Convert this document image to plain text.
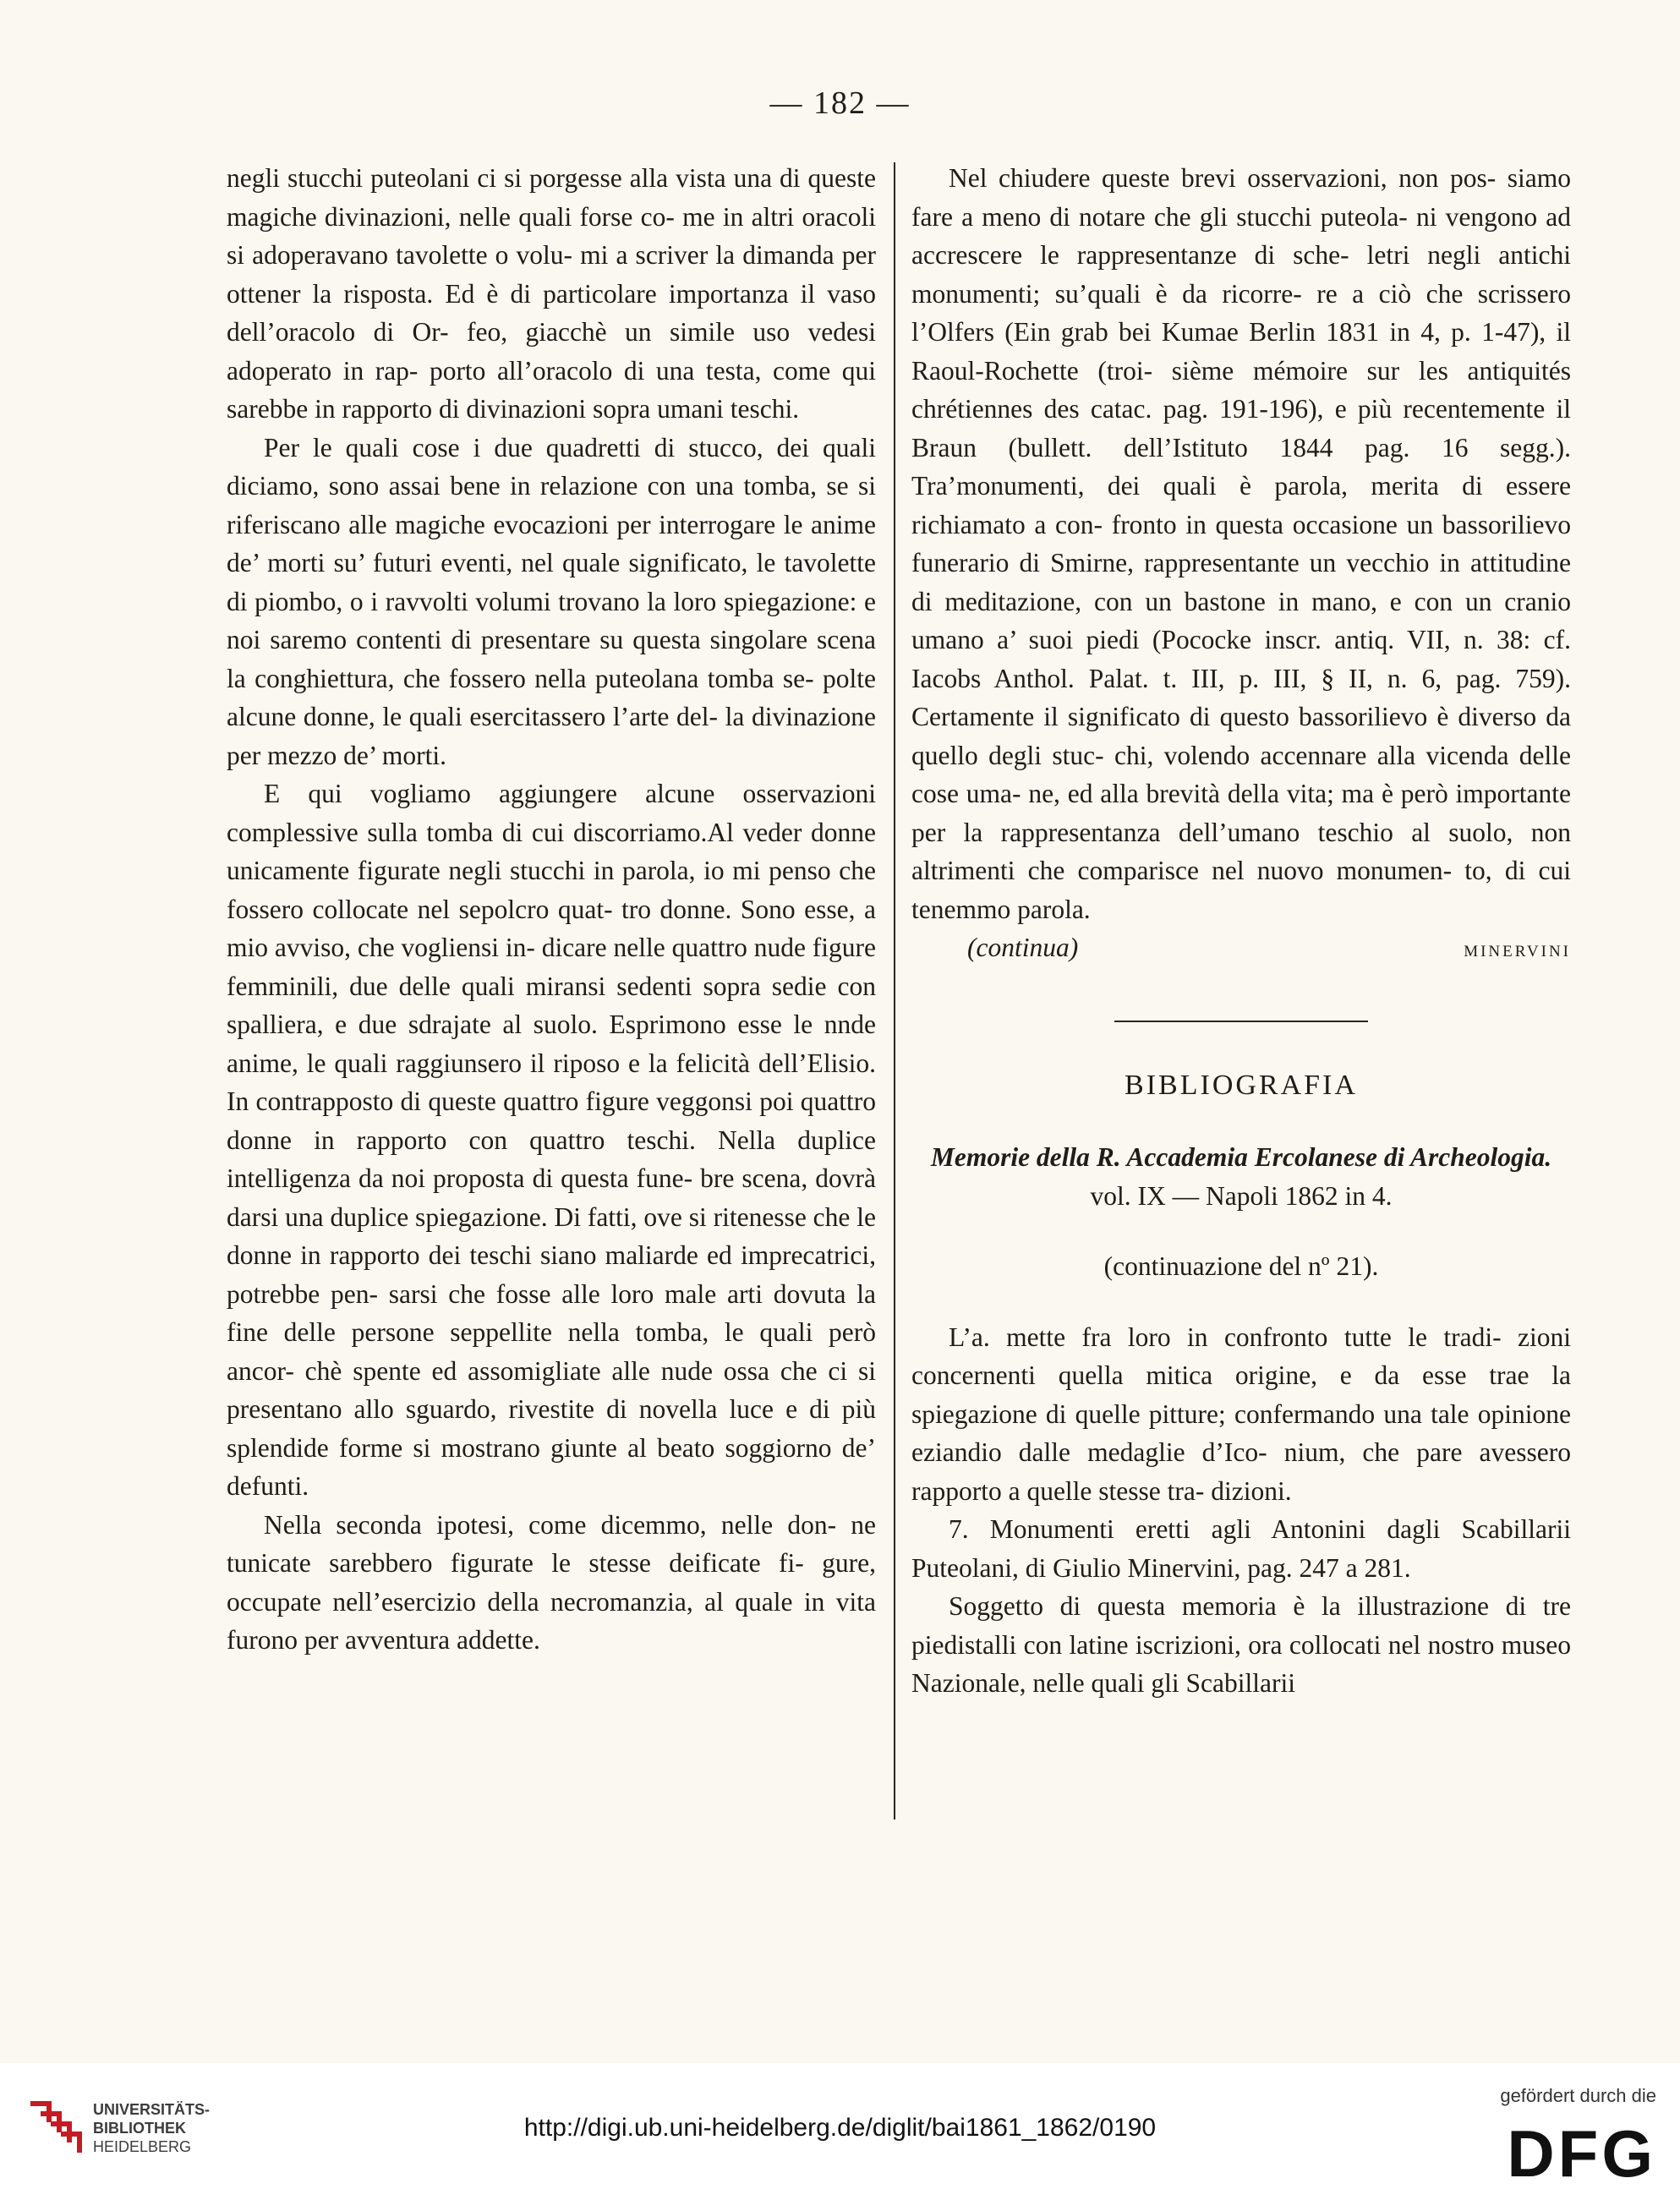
— 182 —

negli stucchi puteolani ci si porgesse alla vista una di queste magiche divinazioni, nelle quali forse co- me in altri oracoli si adoperavano tavolette o volu- mi a scriver la dimanda per ottener la risposta. Ed è di particolare importanza il vaso dell’oracolo di Or- feo, giacchè un simile uso vedesi adoperato in rap- porto all’oracolo di una testa, come qui sarebbe in rapporto di divinazioni sopra umani teschi.

Per le quali cose i due quadretti di stucco, dei quali diciamo, sono assai bene in relazione con una tomba, se si riferiscano alle magiche evocazioni per interrogare le anime de’ morti su’ futuri eventi, nel quale significato, le tavolette di piombo, o i ravvolti volumi trovano la loro spiegazione: e noi saremo contenti di presentare su questa singolare scena la conghiettura, che fossero nella puteolana tomba se- polte alcune donne, le quali esercitassero l’arte del- la divinazione per mezzo de’ morti.

E qui vogliamo aggiungere alcune osservazioni complessive sulla tomba di cui discorriamo.Al veder donne unicamente figurate negli stucchi in parola, io mi penso che fossero collocate nel sepolcro quat- tro donne. Sono esse, a mio avviso, che vogliensi in- dicare nelle quattro nude figure femminili, due delle quali miransi sedenti sopra sedie con spalliera, e due sdrajate al suolo. Esprimono esse le nnde anime, le quali raggiunsero il riposo e la felicità dell’Elisio. In contrapposto di queste quattro figure veggonsi poi quattro donne in rapporto con quattro teschi. Nella duplice intelligenza da noi proposta di questa fune- bre scena, dovrà darsi una duplice spiegazione. Di fatti, ove si ritenesse che le donne in rapporto dei teschi siano maliarde ed imprecatrici, potrebbe pen- sarsi che fosse alle loro male arti dovuta la fine delle persone seppellite nella tomba, le quali però ancor- chè spente ed assomigliate alle nude ossa che ci si presentano allo sguardo, rivestite di novella luce e di più splendide forme si mostrano giunte al beato soggiorno de’ defunti.

Nella seconda ipotesi, come dicemmo, nelle don- ne tunicate sarebbero figurate le stesse deificate fi- gure, occupate nell’esercizio della necromanzia, al quale in vita furono per avventura addette.

Nel chiudere queste brevi osservazioni, non pos- siamo fare a meno di notare che gli stucchi puteola- ni vengono ad accrescere le rappresentanze di sche- letri negli antichi monumenti; su’quali è da ricorre- re a ciò che scrissero l’Olfers (Ein grab bei Kumae Berlin 1831 in 4, p. 1-47), il Raoul-Rochette (troi- sième mémoire sur les antiquités chrétiennes des catac. pag. 191-196), e più recentemente il Braun (bullett. dell’Istituto 1844 pag. 16 segg.). Tra’monumenti, dei quali è parola, merita di essere richiamato a con- fronto in questa occasione un bassorilievo funerario di Smirne, rappresentante un vecchio in attitudine di meditazione, con un bastone in mano, e con un cranio umano a’ suoi piedi (Pococke inscr. antiq. VII, n. 38: cf. Iacobs Anthol. Palat. t. III, p. III, § II, n. 6, pag. 759). Certamente il significato di questo bassorilievo è diverso da quello degli stuc- chi, volendo accennare alla vicenda delle cose uma- ne, ed alla brevità della vita; ma è però importante per la rappresentanza dell’umano teschio al suolo, non altrimenti che comparisce nel nuovo monumen- to, di cui tenemmo parola.

(continua)	MINERVINI
BIBLIOGRAFIA
Memorie della R. Accademia Ercolanese di Archeologia.
vol. IX — Napoli 1862 in 4.
(continuazione del nº 21).

L’a. mette fra loro in confronto tutte le tradi- zioni concernenti quella mitica origine, e da esse trae la spiegazione di quelle pitture; confermando una tale opinione eziandio dalle medaglie d’Ico- nium, che pare avessero rapporto a quelle stesse tra- dizioni.

7. Monumenti eretti agli Antonini dagli Scabillarii Puteolani, di Giulio Minervini, pag. 247 a 281.

Soggetto di questa memoria è la illustrazione di tre piedistalli con latine iscrizioni, ora collocati nel nostro museo Nazionale, nelle quali gli Scabillarii

UNIVERSITÄTS-
BIBLIOTHEK
HEIDELBERG
http://digi.ub.uni-heidelberg.de/diglit/bai1861_1862/0190
gefördert durch die
DFG
